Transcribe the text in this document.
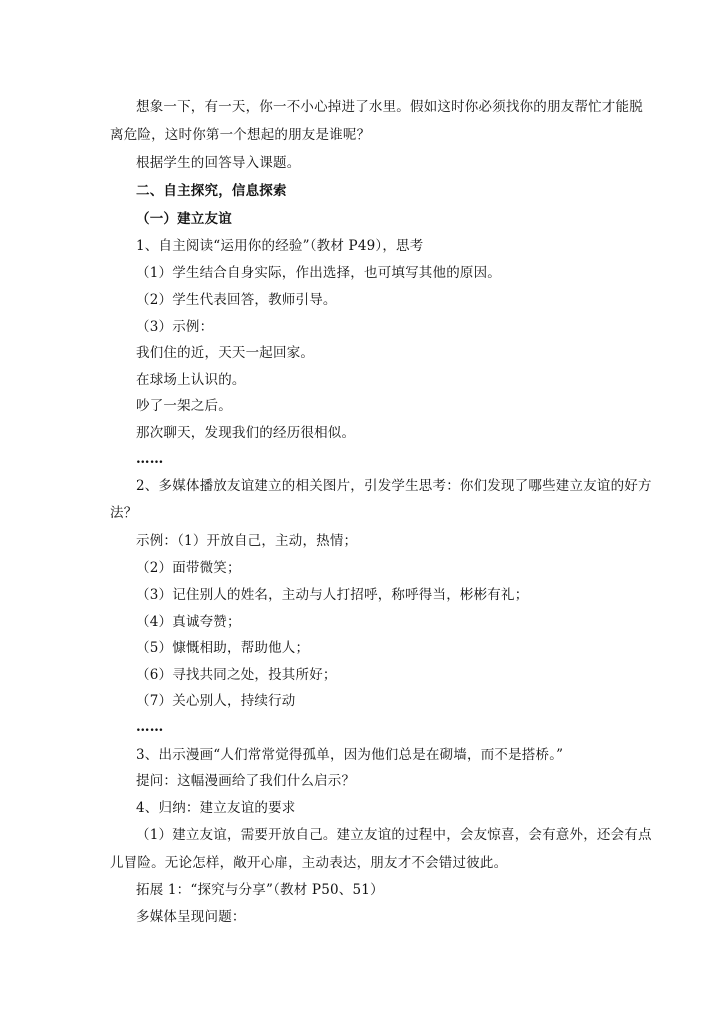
想象一下，有一天，你一不小心掉进了水里。假如这时你必须找你的朋友帮忙才能脱
离危险，这时你第一个想起的朋友是谁呢？
根据学生的回答导入课题。
二、自主探究，信息探索
（一）建立友谊
1、自主阅读“运用你的经验”（教材 P49），思考
（1）学生结合自身实际，作出选择，也可填写其他的原因。
（2）学生代表回答，教师引导。
（3）示例：
我们住的近，天天一起回家。
在球场上认识的。
吵了一架之后。
那次聊天，发现我们的经历很相似。
……
2、多媒体播放友谊建立的相关图片，引发学生思考：你们发现了哪些建立友谊的好方
法？
示例：（1）开放自己，主动，热情；
（2）面带微笑；
（3）记住别人的姓名，主动与人打招呼，称呼得当，彬彬有礼；
（4）真诚夸赞；
（5）慷慨相助，帮助他人；
（6）寻找共同之处，投其所好；
（7）关心别人，持续行动
……
3、出示漫画“人们常常觉得孤单，因为他们总是在砌墙，而不是搭桥。”
提问：这幅漫画给了我们什么启示？
4、归纳：建立友谊的要求
（1）建立友谊，需要开放自己。建立友谊的过程中，会友惊喜，会有意外，还会有点
儿冒险。无论怎样，敞开心扉，主动表达，朋友才不会错过彼此。
拓展 1：“探究与分享”（教材 P50、51）
多媒体呈现问题：
